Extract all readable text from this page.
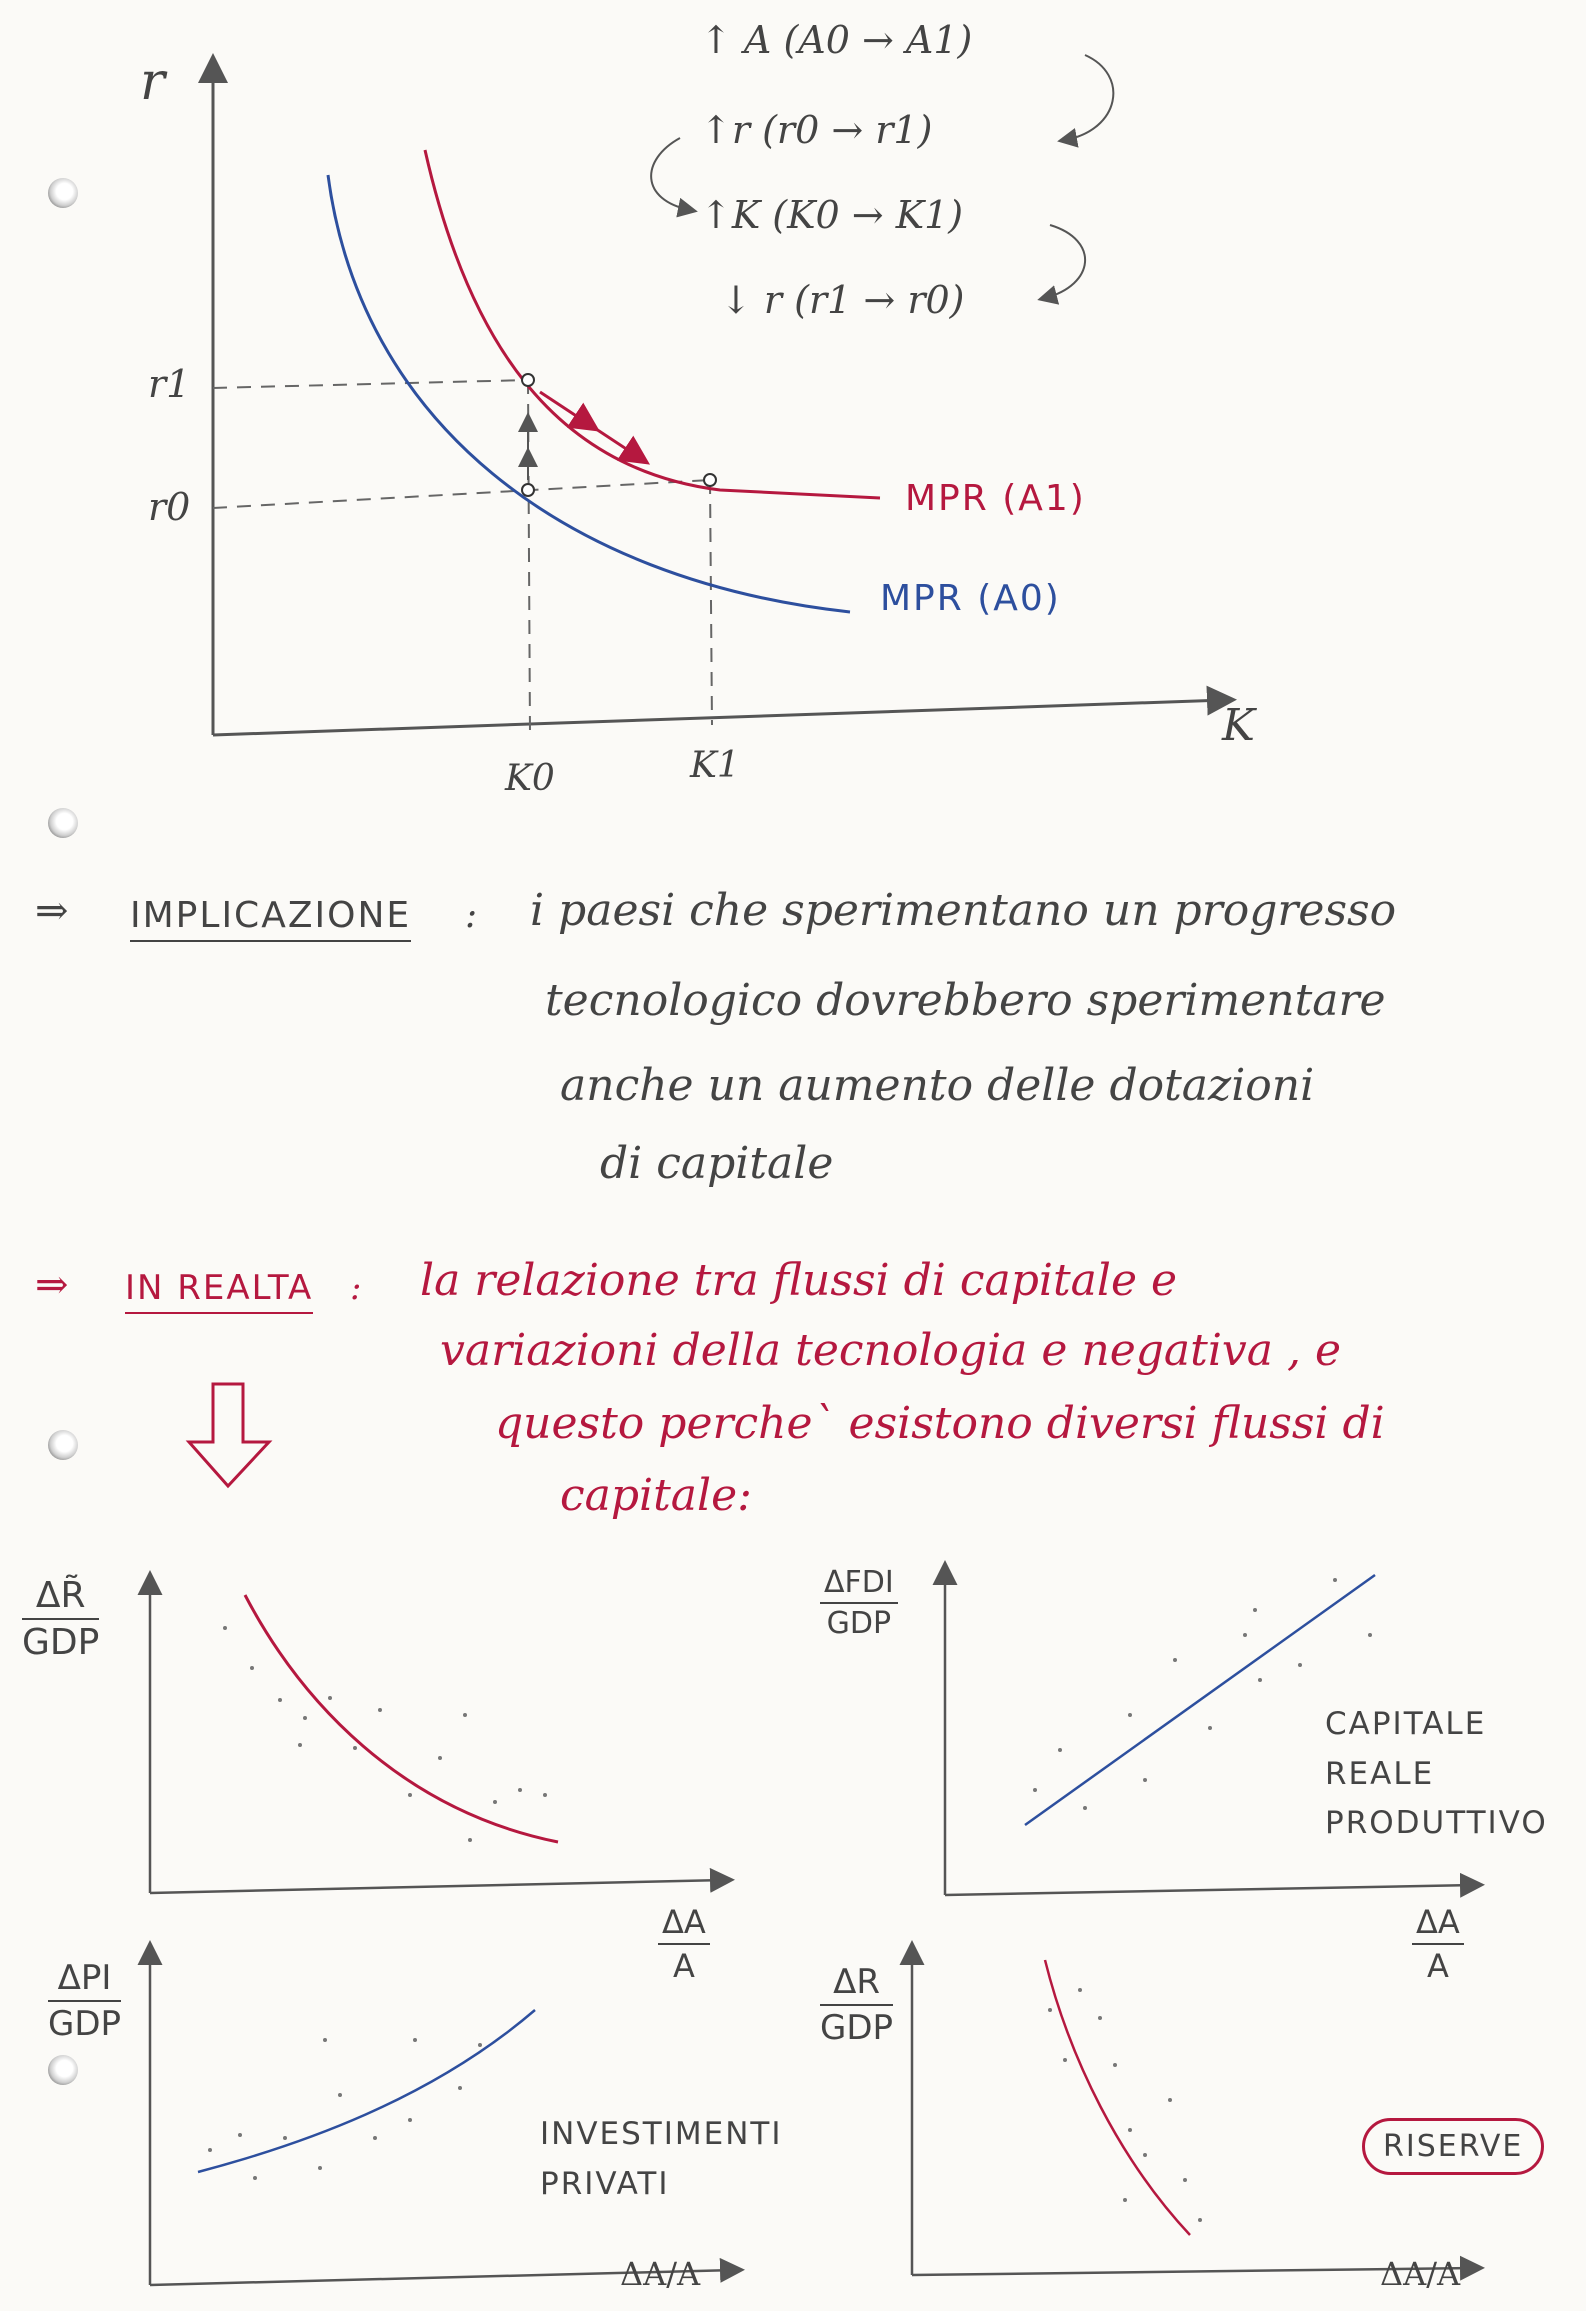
r
K
r1
r0
K0	K1
MPR (A1)
MPR (A0)
↑ A (A0 → A1)
↑r (r0 → r1)
↑K (K0 → K1)
↓ r (r1 → r0)
⇒ IMPLICAZIONE : i paesi che sperimentano un progresso
tecnologico dovrebbero sperimentare
anche un aumento delle dotazioni
di capitale
⇒ IN REALTA : la relazione tra flussi di capitale e
variazioni della tecnologia e negativa , e
questo perche` esistono diversi flussi di
capitale:
ΔR̃
GDP
$\frac{\Delta A}{A}$
ΔFDI
GDP
$\frac{\Delta A}{A}$
CAPITALE REALE PRODUTTIVO
ΔPI
GDP
ΔA/A
INVESTIMENTI PRIVATI
ΔR
GDP
ΔA/A
RISERVE
